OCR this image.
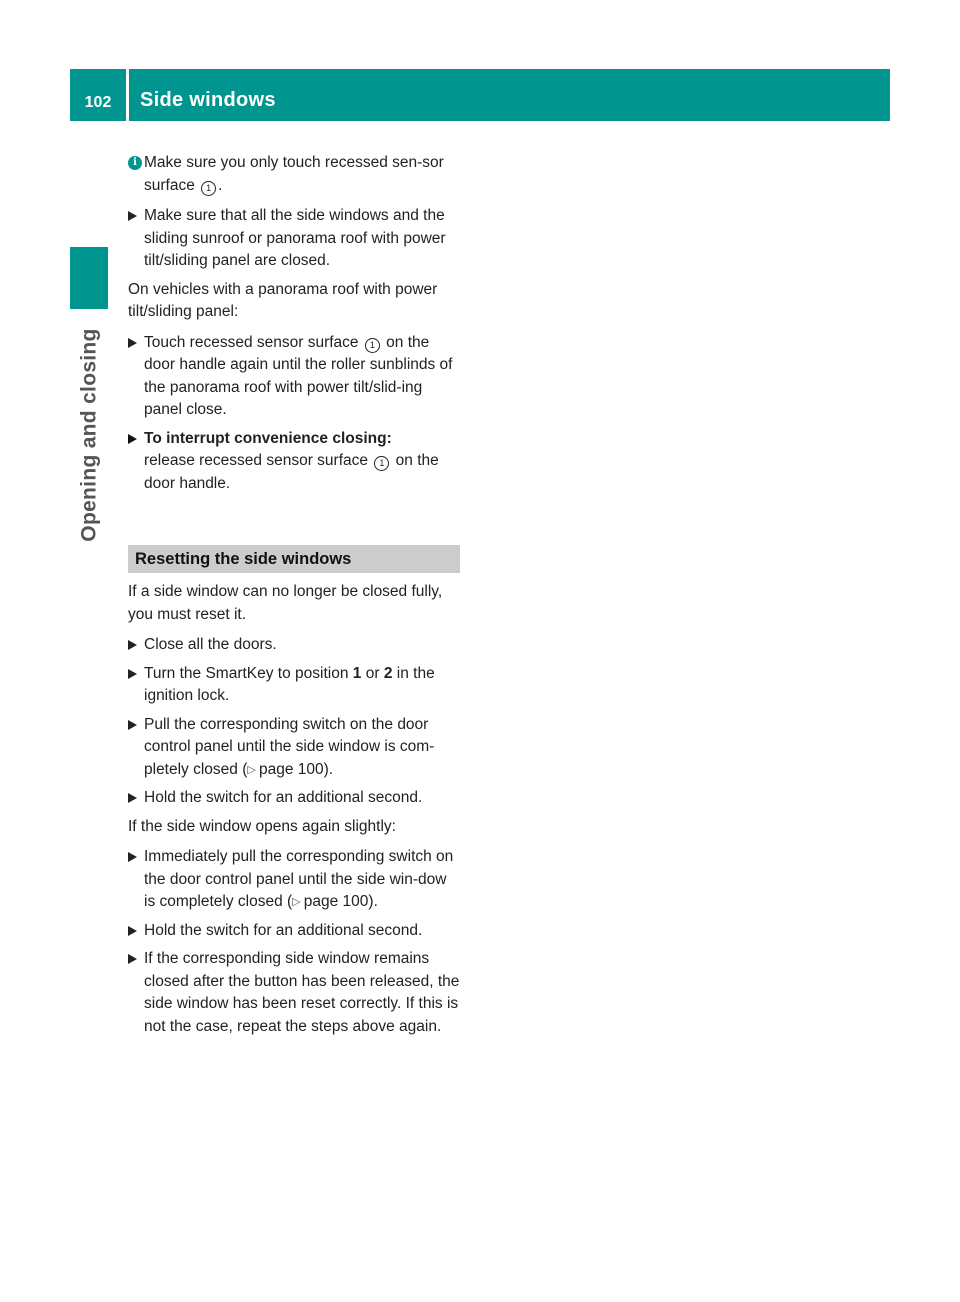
102	Side windows
Opening and closing
i Make sure you only touch recessed sen-sor surface 1 .
Make sure that all the side windows and the sliding sunroof or panorama roof with power tilt/sliding panel are closed.

On vehicles with a panorama roof with power tilt/sliding panel:

Touch recessed sensor surface 1 on the door handle again until the roller sunblinds of the panorama roof with power tilt/slid-ing panel close.
To interrupt convenience closing:
release recessed sensor surface 1 on the door handle.
Resetting the side windows

If a side window can no longer be closed fully, you must reset it.

Close all the doors.
Turn the SmartKey to position 1 or 2 in the ignition lock.
Pull the corresponding switch on the door control panel until the side window is com-pletely closed (▷  page 100).
Hold the switch for an additional second.

If the side window opens again slightly:

Immediately pull the corresponding switch on the door control panel until the side win-dow is completely closed (▷  page 100).
Hold the switch for an additional second.
If the corresponding side window remains closed after the button has been released, the side window has been reset correctly. If this is not the case, repeat the steps above again.
